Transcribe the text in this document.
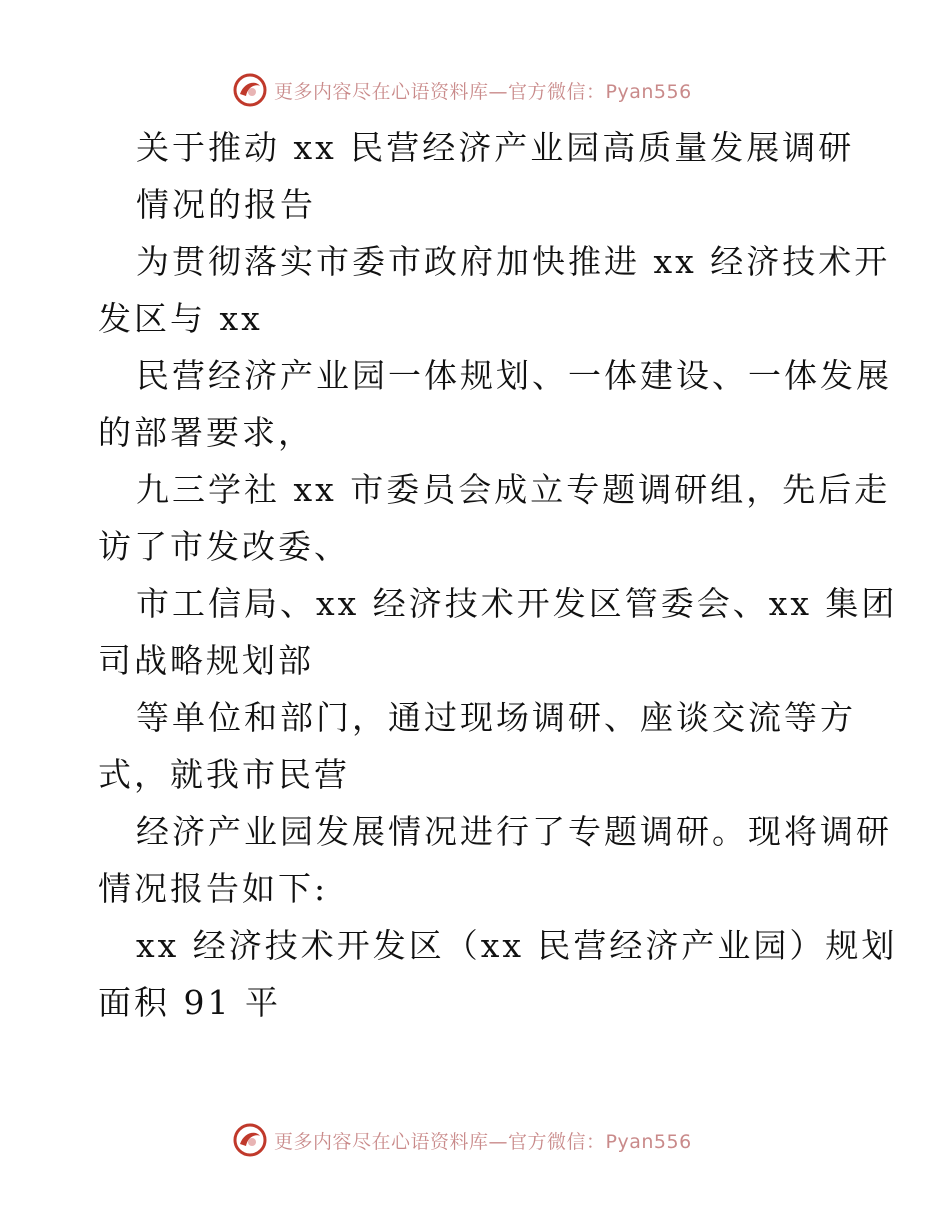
更多内容尽在心语资料库—官方微信：Pyan556
关于推动 xx 民营经济产业园高质量发展调研
情况的报告
为贯彻落实市委市政府加快推进 xx 经济技术开
发区与 xx
民营经济产业园一体规划、一体建设、一体发展
的部署要求，
九三学社 xx 市委员会成立专题调研组，先后走
访了市发改委、
市工信局、xx 经济技术开发区管委会、xx 集团
司战略规划部
等单位和部门，通过现场调研、座谈交流等方
式，就我市民营
经济产业园发展情况进行了专题调研。现将调研
情况报告如下:
xx 经济技术开发区（xx 民营经济产业园）规划
面积 91 平
更多内容尽在心语资料库—官方微信：Pyan556
